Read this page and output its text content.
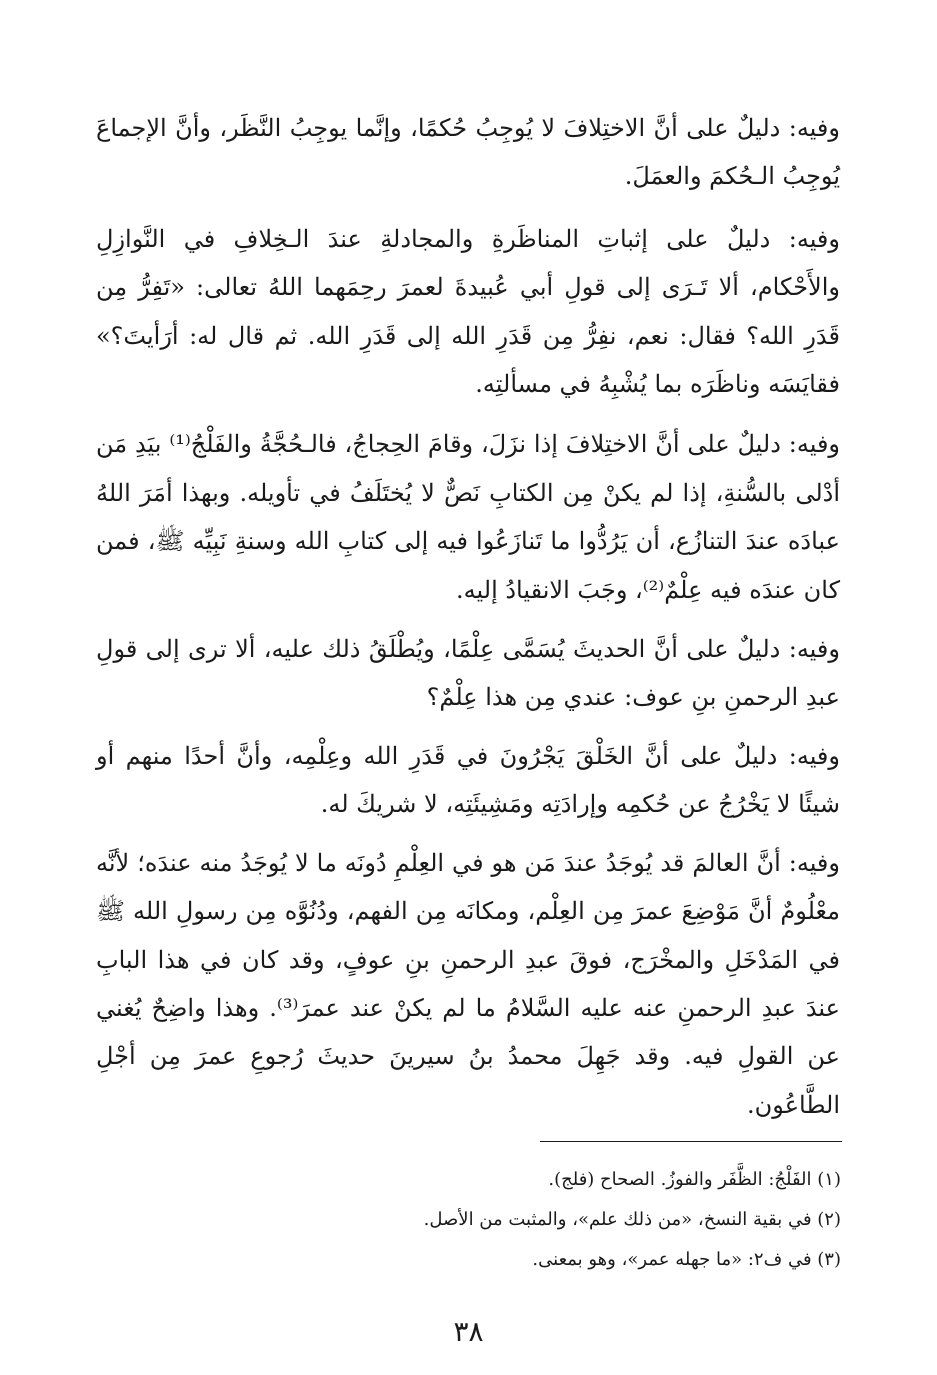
وفيه: دليلٌ على أنَّ الاختِلافَ لا يُوجِبُ حُكمًا، وإنَّما يوجِبُ النَّظَر، وأنَّ الإجماعَ يُوجِبُ الـحُكمَ والعمَلَ.

وفيه: دليلٌ على إثباتِ المناظَرةِ والمجادلةِ عندَ الـخِلافِ في النَّوازِلِ والأَحْكام، ألا تَـرَى إلى قولِ أبي عُبيدةَ لعمرَ رحِمَهما اللهُ تعالى: «تَفِرُّ مِن قَدَرِ الله؟ فقال: نعم، نفِرُّ مِن قَدَرِ الله إلى قَدَرِ الله. ثم قال له: أرَأيتَ؟» فقايَسَه وناظَرَه بما يُشْبِهُ في مسألتِه.

وفيه: دليلٌ على أنَّ الاختِلافَ إذا نزَلَ، وقامَ الحِجاجُ، فالـحُجَّةُ والفَلْجُ⁽¹⁾ بيَدِ مَن أدْلى بالسُّنةِ، إذا لم يكنْ مِن الكتابِ نَصٌّ لا يُختَلَفُ في تأويله. وبهذا أمَرَ اللهُ عبادَه عندَ التنازُع، أن يَرُدُّوا ما تَنازَعُوا فيه إلى كتابِ الله وسنةِ نَبِيِّه ﷺ، فمن كان عندَه فيه عِلْمٌ⁽²⁾، وجَبَ الانقيادُ إليه.

وفيه: دليلٌ على أنَّ الحديثَ يُسَمَّى عِلْمًا، ويُطْلَقُ ذلك عليه، ألا ترى إلى قولِ عبدِ الرحمنِ بنِ عوف: عندي مِن هذا عِلْمٌ؟

وفيه: دليلٌ على أنَّ الخَلْقَ يَجْرُونَ في قَدَرِ الله وعِلْمِه، وأنَّ أحدًا منهم أو شيئًا لا يَخْرُجُ عن حُكمِه وإرادَتِه ومَشِيئَتِه، لا شريكَ له.

وفيه: أنَّ العالمَ قد يُوجَدُ عندَ مَن هو في العِلْمِ دُونَه ما لا يُوجَدُ منه عندَه؛ لأنَّه معْلُومٌ أنَّ مَوْضِعَ عمرَ مِن العِلْم، ومكانَه مِن الفهم، ودُنُوَّه مِن رسولِ الله ﷺ في المَدْخَلِ والمخْرَج، فوقَ عبدِ الرحمنِ بنِ عوفٍ، وقد كان في هذا البابِ عندَ عبدِ الرحمنِ عنه عليه السَّلامُ ما لم يكنْ عند عمرَ⁽³⁾. وهذا واضِحٌ يُغني عن القولِ فيه. وقد جَهِلَ محمدُ بنُ سيرينَ حديثَ رُجوعِ عمرَ مِن أجْلِ الطَّاعُون.

(١) الفَلْجُ: الظَّفَر والفوزُ. الصحاح (فلج).

(٢) في بقية النسخ، «من ذلك علم»، والمثبت من الأصل.

(٣) في ف٢: «ما جهله عمر»، وهو بمعنى.

٣٨
